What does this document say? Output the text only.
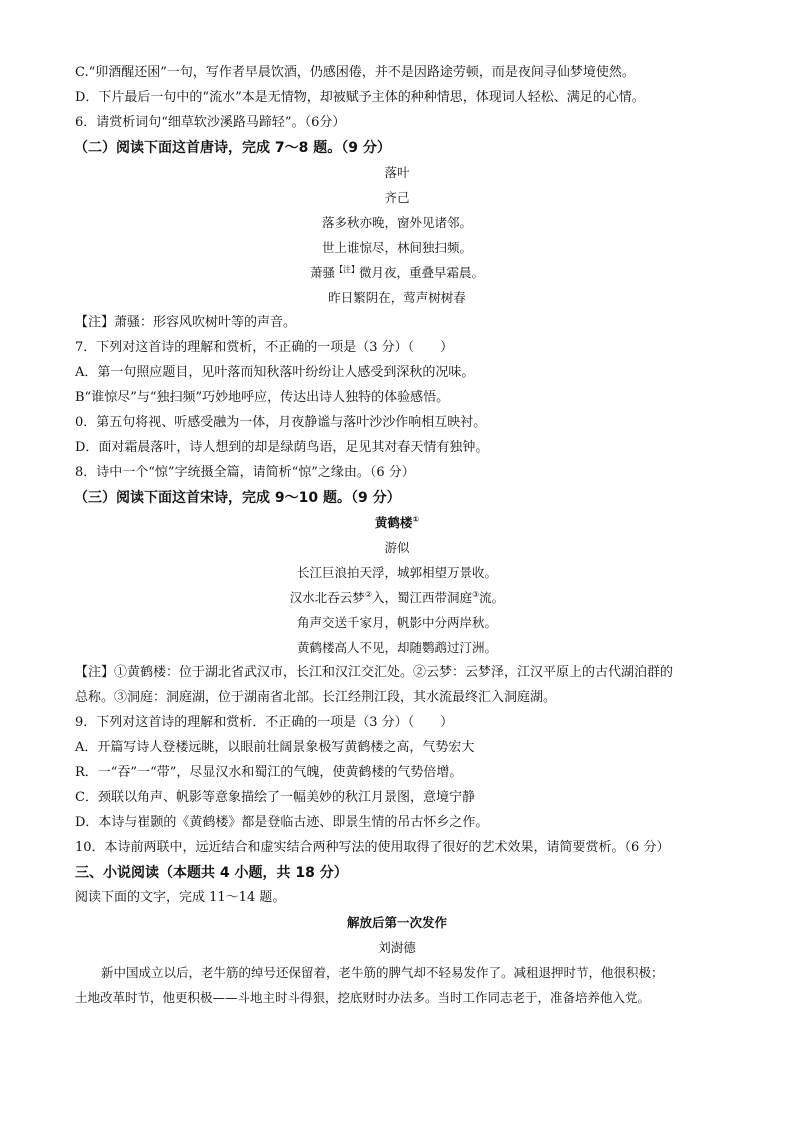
C.“卯酒醒还困”一句，写作者早晨饮酒，仍感困倦，并不是因路途劳顿，而是夜间寻仙梦境使然。
D．下片最后一句中的“流水”本是无情物，却被赋予主体的种种情思，体现词人轻松、满足的心情。
6．请赏析词句“细草软沙溪路马蹄轻”。（6分）
（二）阅读下面这首唐诗，完成 7～8 题。（9 分）
落叶
齐己
落多秋亦晚，窗外见诸邻。
世上谁惊尽，林间独扫频。
萧骚$^{【注】}$微月夜，重叠早霜晨。
昨日繁阴在，莺声树树春
【注】萧骚：形容风吹树叶等的声音。
7．下列对这首诗的理解和赏析，不正确的一项是（3 分）（　　）
A．第一句照应题目，见叶落而知秋落叶纷纷让人感受到深秋的况味。
B“谁惊尽”与“独扫频”巧妙地呼应，传达出诗人独特的体验感悟。
0．第五句将视、听感受融为一体，月夜静谧与落叶沙沙作响相互映衬。
D．面对霜晨落叶，诗人想到的却是绿荫鸟语，足见其对春天情有独钟。
8．诗中一个“惊”字统摄全篇，请简析“惊”之缘由。（6 分）
（三）阅读下面这首宋诗，完成 9～10 题。（9 分）
黄鹤楼①
游似
长江巨浪拍天浮，城郭相望万景收。
汉水北吞云梦②入，蜀江西带洞庭③流。
角声交送千家月，帆影中分两岸秋。
黄鹤楼高人不见，却随鹦鹉过汀洲。
【注】①黄鹤楼：位于湖北省武汉市，长江和汉江交汇处。②云梦：云梦泽，江汉平原上的古代湖泊群的
总称。③洞庭：洞庭湖，位于湖南省北部。长江经荆江段，其水流最终汇入洞庭湖。
9．下列对这首诗的理解和赏析．不正确的一项是（3 分）（　　）
A．开篇写诗人登楼远眺，以眼前壮阔景象极写黄鹤楼之高，气势宏大
R．一“吞”一“带”，尽显汉水和蜀江的气魄，使黄鹤楼的气势倍增。
C．颈联以角声、帆影等意象描绘了一幅美妙的秋江月景图，意境宁静
D．本诗与崔颢的《黄鹤楼》都是登临古迹、即景生情的吊古怀乡之作。
10．本诗前两联中，远近结合和虚实结合两种写法的使用取得了很好的艺术效果，请简要赏析。（6 分）
三、小说阅读（本题共 4 小题，共 18 分）
阅读下面的文字，完成 11～14 题。
解放后第一次发作
刘澍德
新中国成立以后，老牛筋的绰号还保留着，老牛筋的脾气却不轻易发作了。减租退押时节，他很积极；
土地改革时节，他更积极——斗地主时斗得狠，挖底财时办法多。当时工作同志老于，准备培养他入党。
